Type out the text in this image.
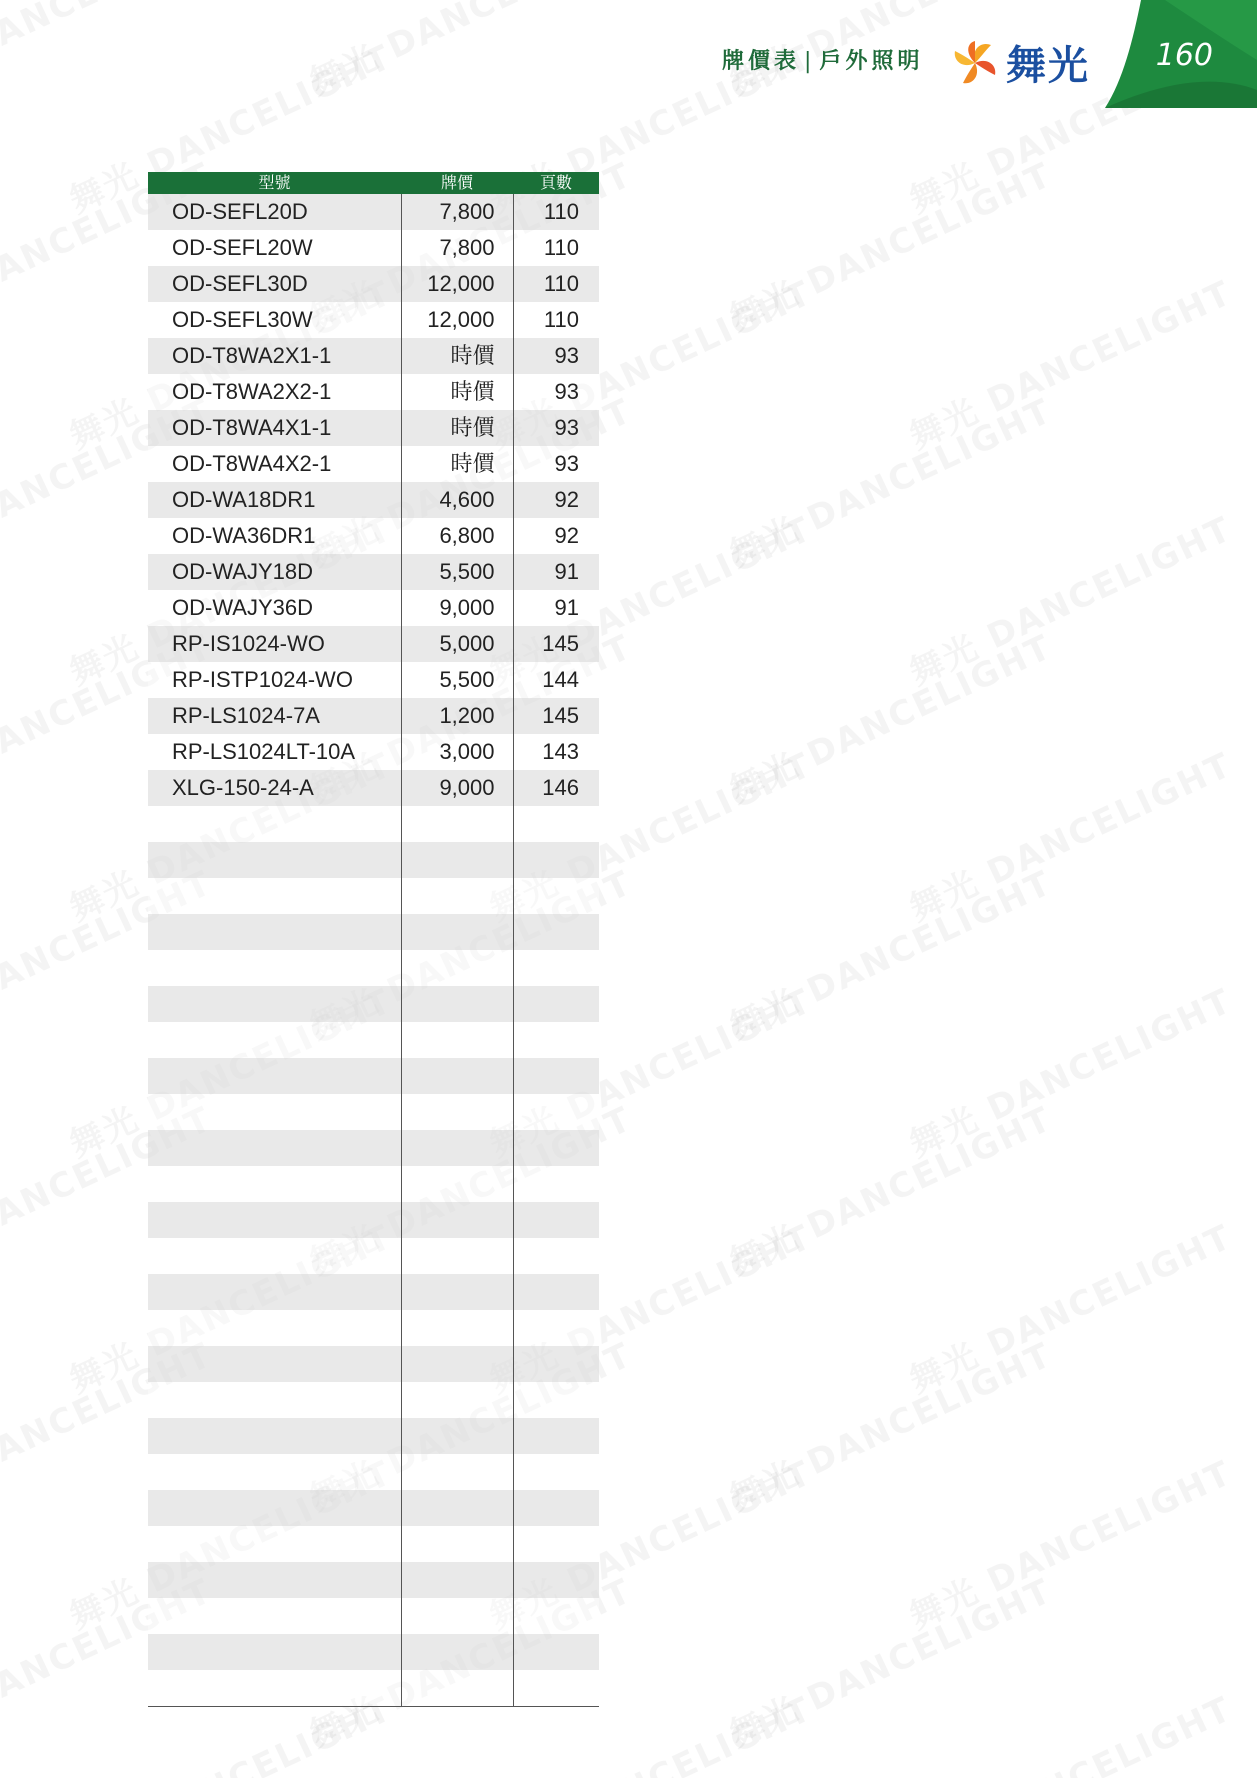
牌價表 | 戶外照明 舞光 160
型號	牌價	頁數
OD-SEFL20D	7,800	110
OD-SEFL20W	7,800	110
OD-SEFL30D	12,000	110
OD-SEFL30W	12,000	110
OD-T8WA2X1-1	時價	93
OD-T8WA2X2-1	時價	93
OD-T8WA4X1-1	時價	93
OD-T8WA4X2-1	時價	93
OD-WA18DR1	4,600	92
OD-WA36DR1	6,800	92
OD-WAJY18D	5,500	91
OD-WAJY36D	9,000	91
RP-IS1024-WO	5,000	145
RP-ISTP1024-WO	5,500	144
RP-LS1024-7A	1,200	145
RP-LS1024LT-10A	3,000	143
XLG-150-24-A	9,000	146
